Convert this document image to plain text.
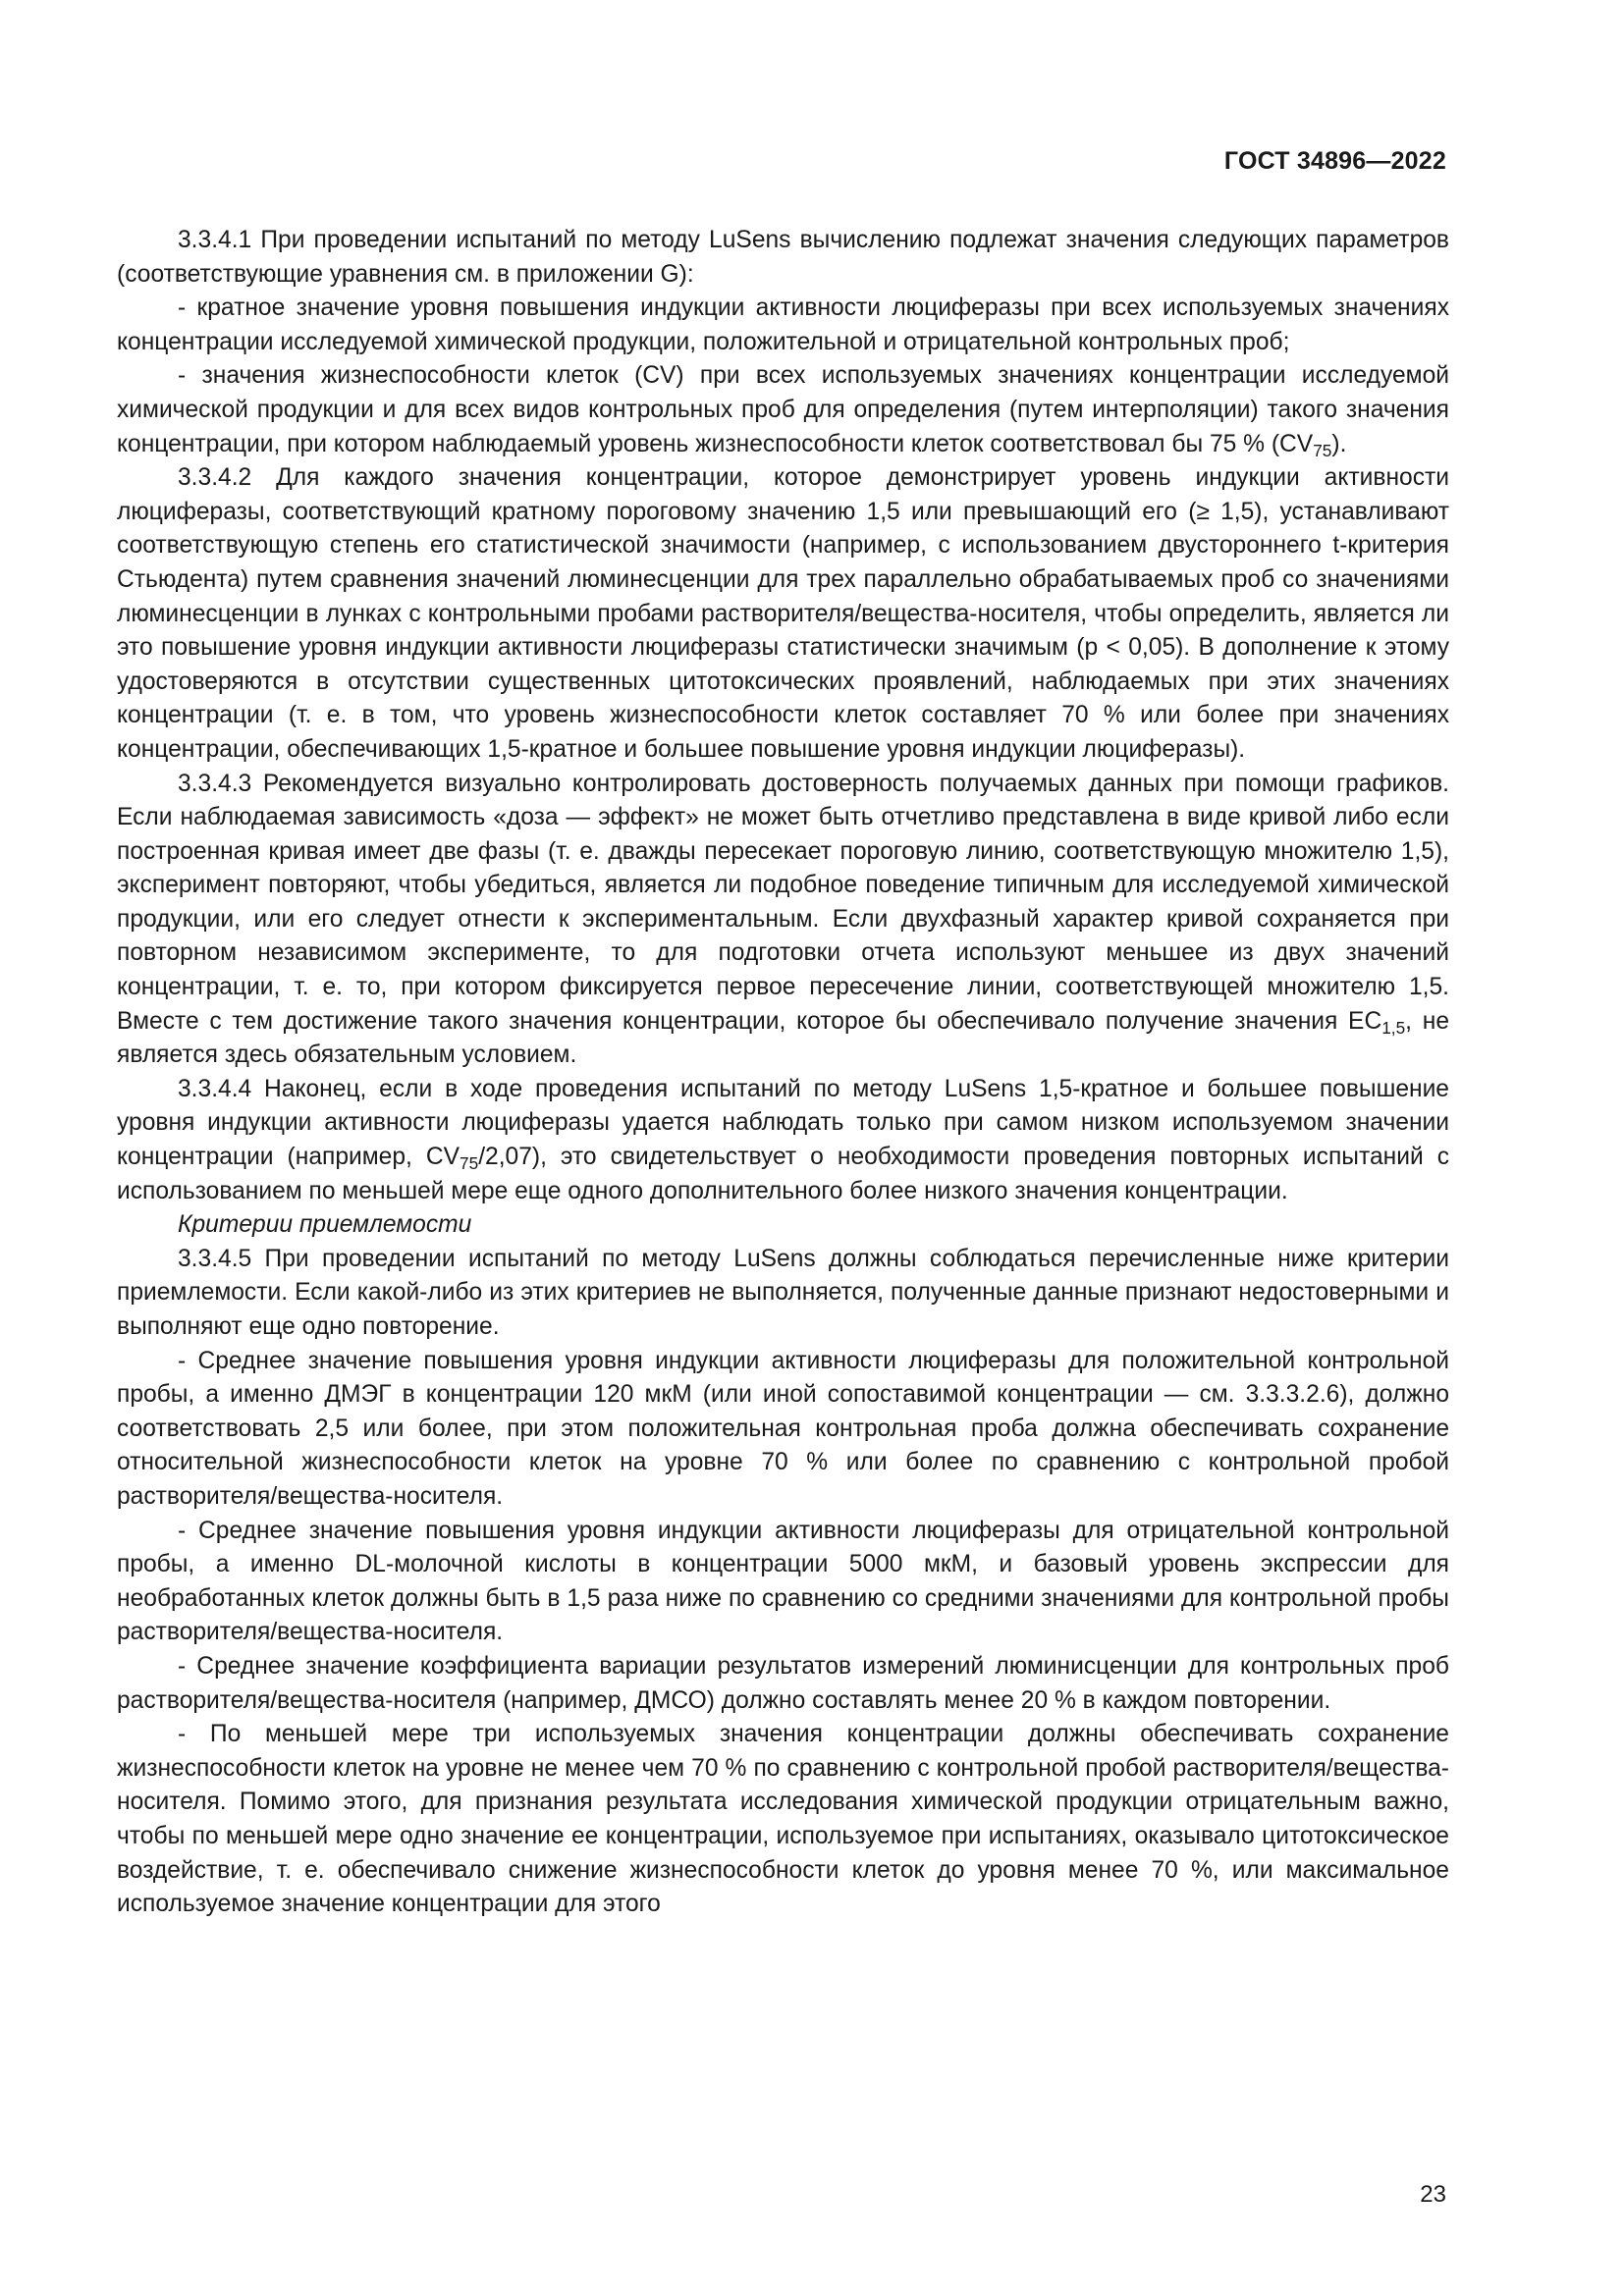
ГОСТ 34896—2022

3.3.4.1 При проведении испытаний по методу LuSens вычислению подлежат значения следующих параметров (соответствующие уравнения см. в приложении G):

- кратное значение уровня повышения индукции активности люциферазы при всех используемых значениях концентрации исследуемой химической продукции, положительной и отрицательной контрольных проб;

- значения жизнеспособности клеток (CV) при всех используемых значениях концентрации исследуемой химической продукции и для всех видов контрольных проб для определения (путем интерполяции) такого значения концентрации, при котором наблюдаемый уровень жизнеспособности клеток соответствовал бы 75 % $(CV_{75})$.

3.3.4.2 Для каждого значения концентрации, которое демонстрирует уровень индукции активности люциферазы, соответствующий кратному пороговому значению 1,5 или превышающий его (≥ 1,5), устанавливают соответствующую степень его статистической значимости (например, с использованием двустороннего t-критерия Стьюдента) путем сравнения значений люминесценции для трех параллельно обрабатываемых проб со значениями люминесценции в лунках с контрольными пробами растворителя/вещества-носителя, чтобы определить, является ли это повышение уровня индукции активности люциферазы статистически значимым (p < 0,05). В дополнение к этому удостоверяются в отсутствии существенных цитотоксических проявлений, наблюдаемых при этих значениях концентрации (т. е. в том, что уровень жизнеспособности клеток составляет 70 % или более при значениях концентрации, обеспечивающих 1,5-кратное и большее повышение уровня индукции люциферазы).

3.3.4.3 Рекомендуется визуально контролировать достоверность получаемых данных при помощи графиков. Если наблюдаемая зависимость «доза — эффект» не может быть отчетливо представлена в виде кривой либо если построенная кривая имеет две фазы (т. е. дважды пересекает пороговую линию, соответствующую множителю 1,5), эксперимент повторяют, чтобы убедиться, является ли подобное поведение типичным для исследуемой химической продукции, или его следует отнести к экспериментальным. Если двухфазный характер кривой сохраняется при повторном независимом эксперименте, то для подготовки отчета используют меньшее из двух значений концентрации, т. е. то, при котором фиксируется первое пересечение линии, соответствующей множителю 1,5. Вместе с тем достижение такого значения концентрации, которое бы обеспечивало получение значения $EC_{1,5}$, не является здесь обязательным условием.

3.3.4.4 Наконец, если в ходе проведения испытаний по методу LuSens 1,5-кратное и большее повышение уровня индукции активности люциферазы удается наблюдать только при самом низком используемом значении концентрации (например, $CV_{75}/2,07$), это свидетельствует о необходимости проведения повторных испытаний с использованием по меньшей мере еще одного дополнительного более низкого значения концентрации.

Критерии приемлемости

3.3.4.5 При проведении испытаний по методу LuSens должны соблюдаться перечисленные ниже критерии приемлемости. Если какой-либо из этих критериев не выполняется, полученные данные признают недостоверными и выполняют еще одно повторение.

- Среднее значение повышения уровня индукции активности люциферазы для положительной контрольной пробы, а именно ДМЭГ в концентрации 120 мкМ (или иной сопоставимой концентрации — см. 3.3.3.2.6), должно соответствовать 2,5 или более, при этом положительная контрольная проба должна обеспечивать сохранение относительной жизнеспособности клеток на уровне 70 % или более по сравнению с контрольной пробой растворителя/вещества-носителя.

- Среднее значение повышения уровня индукции активности люциферазы для отрицательной контрольной пробы, а именно DL-молочной кислоты в концентрации 5000 мкМ, и базовый уровень экспрессии для необработанных клеток должны быть в 1,5 раза ниже по сравнению со средними значениями для контрольной пробы растворителя/вещества-носителя.

- Среднее значение коэффициента вариации результатов измерений люминисценции для контрольных проб растворителя/вещества-носителя (например, ДМСО) должно составлять менее 20 % в каждом повторении.

- По меньшей мере три используемых значения концентрации должны обеспечивать сохранение жизнеспособности клеток на уровне не менее чем 70 % по сравнению с контрольной пробой растворителя/вещества-носителя. Помимо этого, для признания результата исследования химической продукции отрицательным важно, чтобы по меньшей мере одно значение ее концентрации, используемое при испытаниях, оказывало цитотоксическое воздействие, т. е. обеспечивало снижение жизнеспособности клеток до уровня менее 70 %, или максимальное используемое значение концентрации для этого

23
